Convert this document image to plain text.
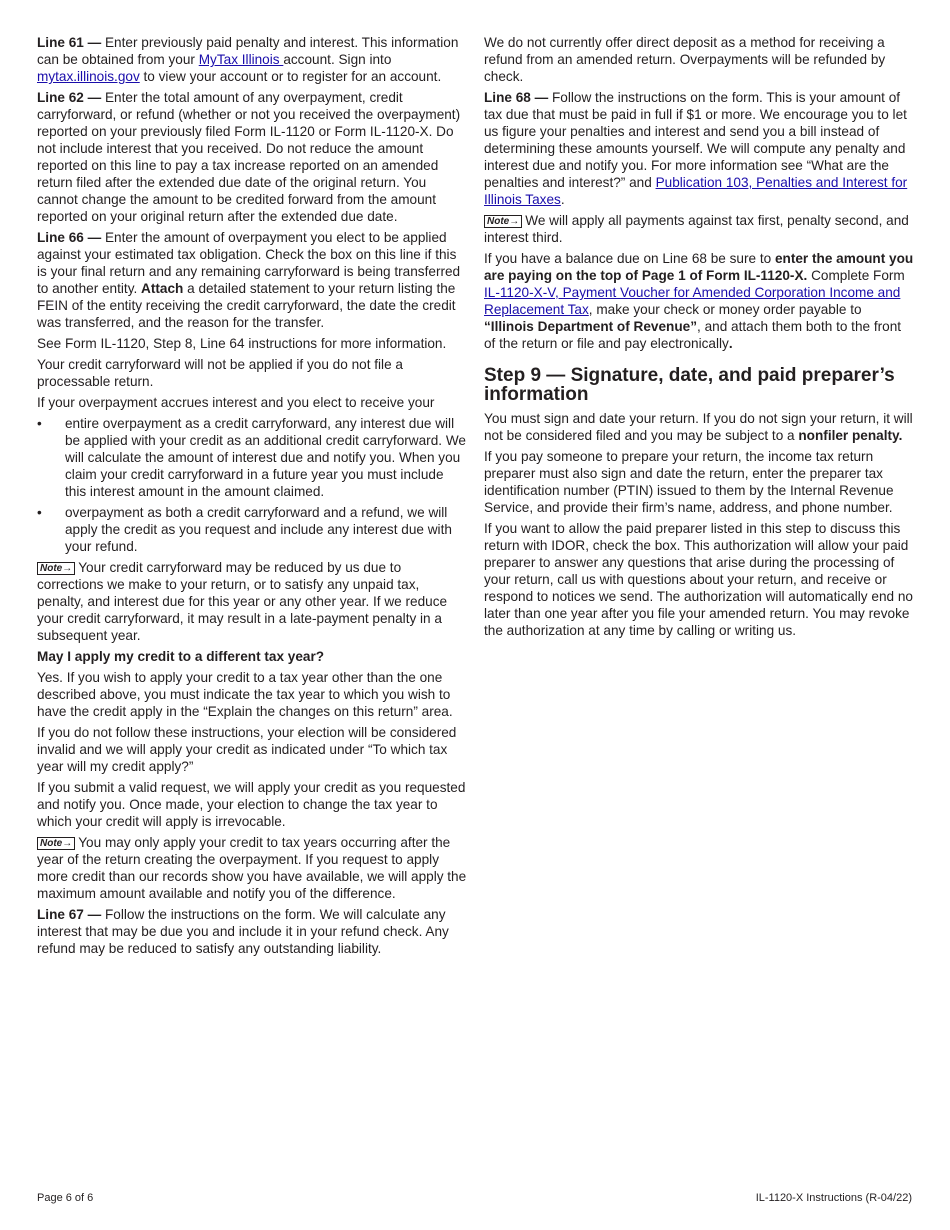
Line 61 — Enter previously paid penalty and interest. This information can be obtained from your MyTax Illinois account. Sign into mytax.illinois.gov to view your account or to register for an account.

Line 62 — Enter the total amount of any overpayment, credit carryforward, or refund (whether or not you received the overpayment) reported on your previously filed Form IL-1120 or Form IL-1120-X. Do not include interest that you received. Do not reduce the amount reported on this line to pay a tax increase reported on an amended return filed after the extended due date of the original return. You cannot change the amount to be credited forward from the amount reported on your original return after the extended due date.

Line 66 — Enter the amount of overpayment you elect to be applied against your estimated tax obligation. Check the box on this line if this is your final return and any remaining carryforward is being transferred to another entity. Attach a detailed statement to your return listing the FEIN of the entity receiving the credit carryforward, the date the credit was transferred, and the reason for the transfer.

See Form IL-1120, Step 8, Line 64 instructions for more information.

Your credit carryforward will not be applied if you do not file a processable return.

If your overpayment accrues interest and you elect to receive your

• entire overpayment as a credit carryforward, any interest due will be applied with your credit as an additional credit carryforward. We will calculate the amount of interest due and notify you. When you claim your credit carryforward in a future year you must include this interest amount in the amount claimed.
• overpayment as both a credit carryforward and a refund, we will apply the credit as you request and include any interest due with your refund.

Note→ Your credit carryforward may be reduced by us due to corrections we make to your return, or to satisfy any unpaid tax, penalty, and interest due for this year or any other year. If we reduce your credit carryforward, it may result in a late-payment penalty in a subsequent year.

May I apply my credit to a different tax year?

Yes. If you wish to apply your credit to a tax year other than the one described above, you must indicate the tax year to which you wish to have the credit apply in the “Explain the changes on this return” area.

If you do not follow these instructions, your election will be considered invalid and we will apply your credit as indicated under “To which tax year will my credit apply?”

If you submit a valid request, we will apply your credit as you requested and notify you. Once made, your election to change the tax year to which your credit will apply is irrevocable.

Note→ You may only apply your credit to tax years occurring after the year of the return creating the overpayment. If you request to apply more credit than our records show you have available, we will apply the maximum amount available and notify you of the difference.

Line 67 — Follow the instructions on the form. We will calculate any interest that may be due you and include it in your refund check. Any refund may be reduced to satisfy any outstanding liability.

We do not currently offer direct deposit as a method for receiving a refund from an amended return. Overpayments will be refunded by check.

Line 68 — Follow the instructions on the form. This is your amount of tax due that must be paid in full if $1 or more. We encourage you to let us figure your penalties and interest and send you a bill instead of determining these amounts yourself. We will compute any penalty and interest due and notify you. For more information see “What are the penalties and interest?” and Publication 103, Penalties and Interest for Illinois Taxes.

Note→ We will apply all payments against tax first, penalty second, and interest third.

If you have a balance due on Line 68 be sure to enter the amount you are paying on the top of Page 1 of Form IL-1120-X. Complete Form IL-1120-X-V, Payment Voucher for Amended Corporation Income and Replacement Tax, make your check or money order payable to “Illinois Department of Revenue”, and attach them both to the front of the return or file and pay electronically.

Step 9 — Signature, date, and paid preparer’s information

You must sign and date your return. If you do not sign your return, it will not be considered filed and you may be subject to a nonfiler penalty.

If you pay someone to prepare your return, the income tax return preparer must also sign and date the return, enter the preparer tax identification number (PTIN) issued to them by the Internal Revenue Service, and provide their firm’s name, address, and phone number.

If you want to allow the paid preparer listed in this step to discuss this return with IDOR, check the box. This authorization will allow your paid preparer to answer any questions that arise during the processing of your return, call us with questions about your return, and receive or respond to notices we send. The authorization will automatically end no later than one year after you file your amended return. You may revoke the authorization at any time by calling or writing us.

Page 6 of 6	IL-1120-X Instructions (R-04/22)
